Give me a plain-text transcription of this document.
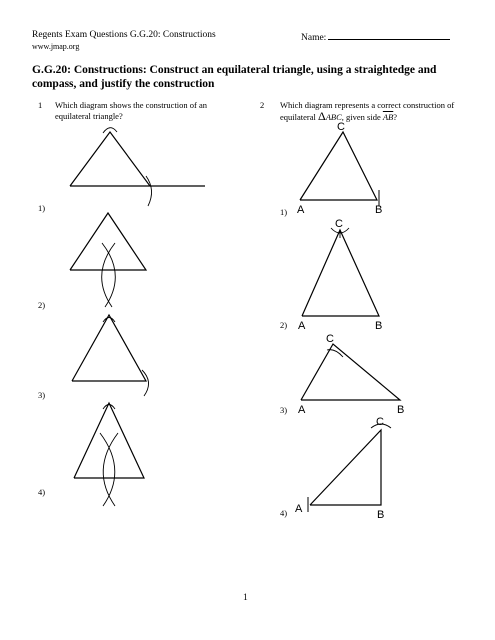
Regents Exam Questions G.G.20: Constructions
www.jmap.org
Name:
G.G.20: Constructions: Construct an equilateral triangle, using a straightedge and compass, and justify the construction
1 Which diagram shows the construction of an equilateral triangle?
1)
2)
3)
4)
2 Which diagram represents a correct construction of equilateral ΔABC, given side $\overline{AB}$?
1)
2)
3)
4)
C
A	B
C
A	B
C
A	B
C
A	B
1
